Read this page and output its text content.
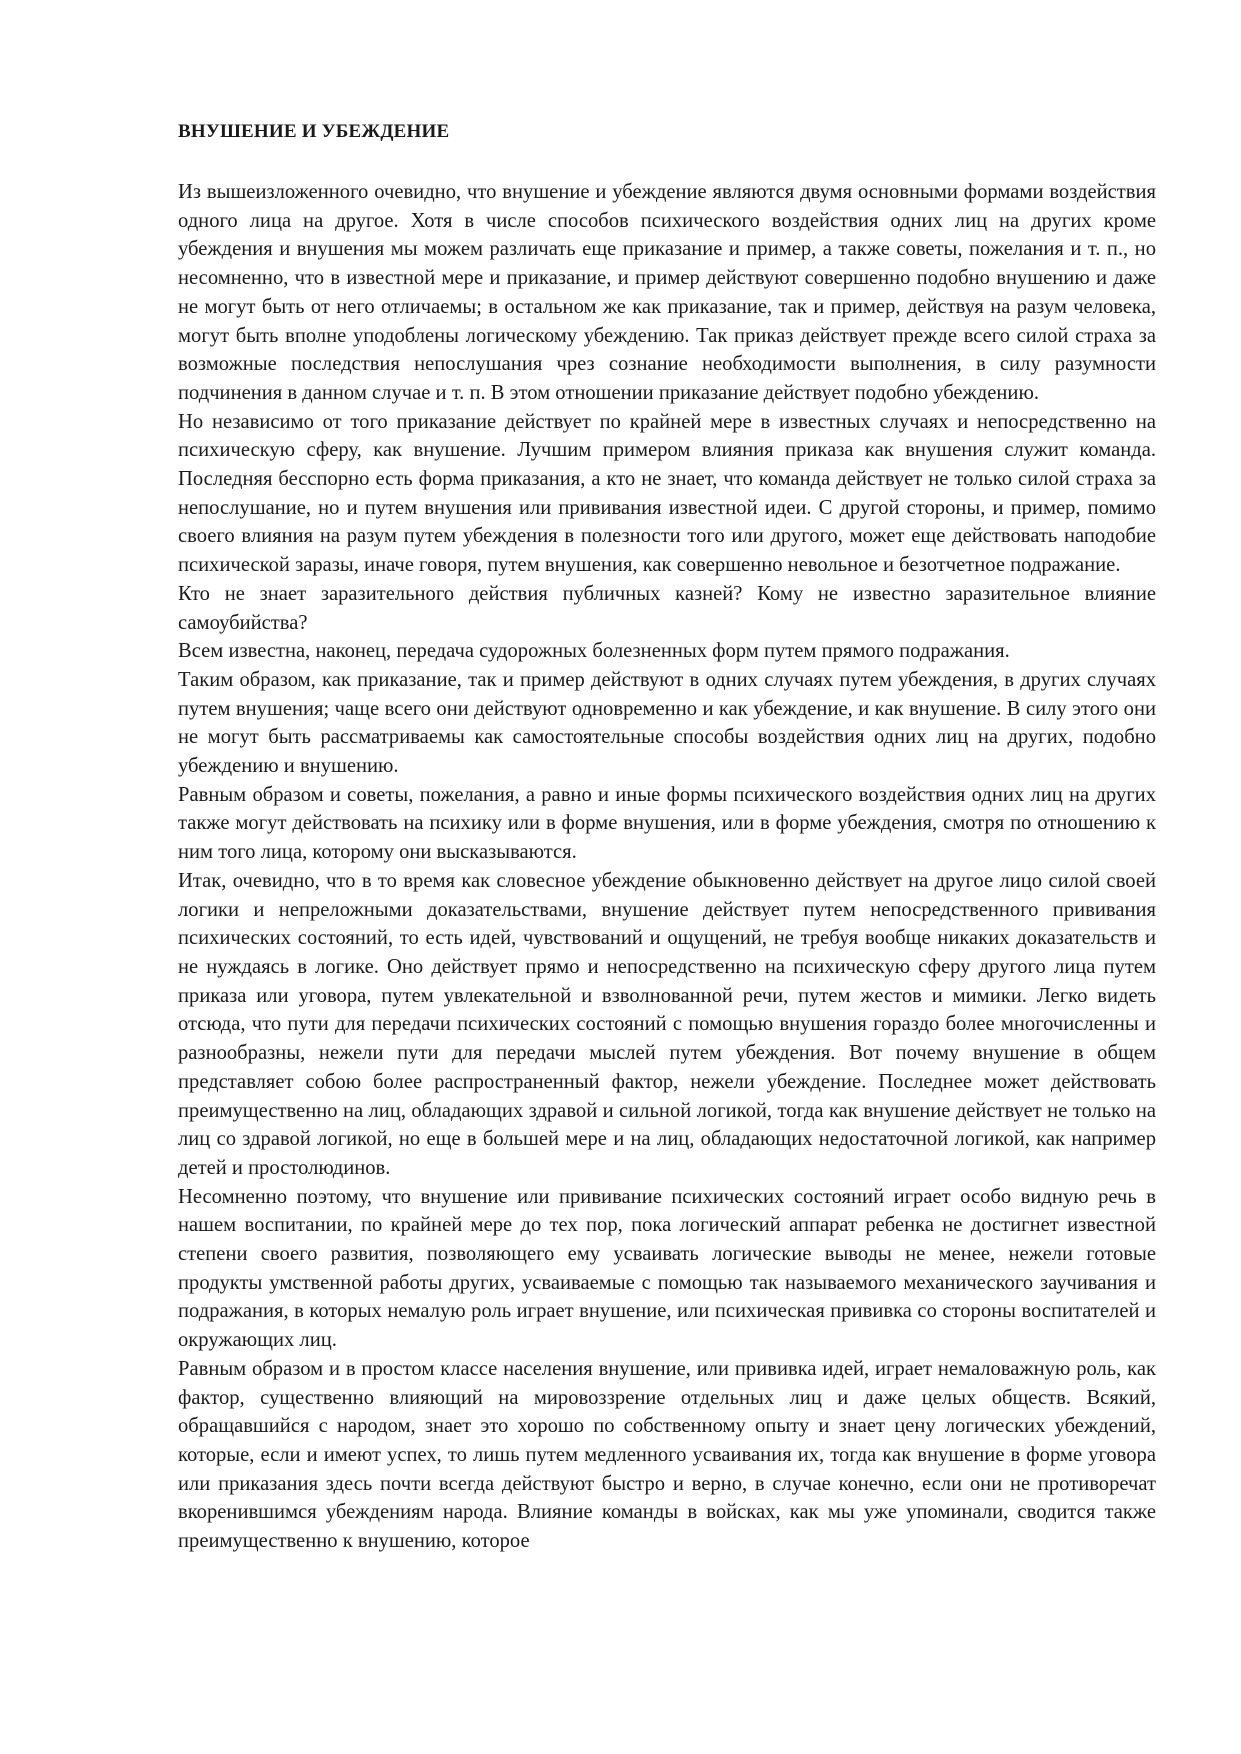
ВНУШЕНИЕ И УБЕЖДЕНИЕ

Из вышеизложенного очевидно, что внушение и убеждение являются двумя основными формами воздействия одного лица на другое. Хотя в числе способов психического воздействия одних лиц на других кроме убеждения и внушения мы можем различать еще приказание и пример, а также советы, пожелания и т. п., но несомненно, что в известной мере и приказание, и пример действуют совершенно подобно внушению и даже не могут быть от него отличаемы; в остальном же как приказание, так и пример, действуя на разум человека, могут быть вполне уподоблены логическому убеждению. Так приказ действует прежде всего силой страха за возможные последствия непослушания чрез сознание необходимости выполнения, в силу разумности подчинения в данном случае и т. п. В этом отношении приказание действует подобно убеждению.

Но независимо от того приказание действует по крайней мере в известных случаях и непосредственно на психическую сферу, как внушение. Лучшим примером влияния приказа как внушения служит команда. Последняя бесспорно есть форма приказания, а кто не знает, что команда действует не только силой страха за непослушание, но и путем внушения или прививания известной идеи. С другой стороны, и пример, помимо своего влияния на разум путем убеждения в полезности того или другого, может еще действовать наподобие психической заразы, иначе говоря, путем внушения, как совершенно невольное и безотчетное подражание.

Кто не знает заразительного действия публичных казней? Кому не известно заразительное влияние самоубийства?

Всем известна, наконец, передача судорожных болезненных форм путем прямого подражания.

Таким образом, как приказание, так и пример действуют в одних случаях путем убеждения, в других случаях путем внушения; чаще всего они действуют одновременно и как убеждение, и как внушение. В силу этого они не могут быть рассматриваемы как самостоятельные способы воздействия одних лиц на других, подобно убеждению и внушению.

Равным образом и советы, пожелания, а равно и иные формы психического воздействия одних лиц на других также могут действовать на психику или в форме внушения, или в форме убеждения, смотря по отношению к ним того лица, которому они высказываются.

Итак, очевидно, что в то время как словесное убеждение обыкновенно действует на другое лицо силой своей логики и непреложными доказательствами, внушение действует путем непосредственного прививания психических состояний, то есть идей, чувствований и ощущений, не требуя вообще никаких доказательств и не нуждаясь в логике. Оно действует прямо и непосредственно на психическую сферу другого лица путем приказа или уговора, путем увлекательной и взволнованной речи, путем жестов и мимики. Легко видеть отсюда, что пути для передачи психических состояний с помощью внушения гораздо более многочисленны и разнообразны, нежели пути для передачи мыслей путем убеждения. Вот почему внушение в общем представляет собою более распространенный фактор, нежели убеждение. Последнее может действовать преимущественно на лиц, обладающих здравой и сильной логикой, тогда как внушение действует не только на лиц со здравой логикой, но еще в большей мере и на лиц, обладающих недостаточной логикой, как например детей и простолюдинов.

Несомненно поэтому, что внушение или прививание психических состояний играет особо видную речь в нашем воспитании, по крайней мере до тех пор, пока логический аппарат ребенка не достигнет известной степени своего развития, позволяющего ему усваивать логические выводы не менее, нежели готовые продукты умственной работы других, усваиваемые с помощью так называемого механического заучивания и подражания, в которых немалую роль играет внушение, или психическая прививка со стороны воспитателей и окружающих лиц.

Равным образом и в простом классе населения внушение, или прививка идей, играет немаловажную роль, как фактор, существенно влияющий на мировоззрение отдельных лиц и даже целых обществ. Всякий, обращавшийся с народом, знает это хорошо по собственному опыту и знает цену логических убеждений, которые, если и имеют успех, то лишь путем медленного усваивания их, тогда как внушение в форме уговора или приказания здесь почти всегда действуют быстро и верно, в случае конечно, если они не противоречат вкоренившимся убеждениям народа. Влияние команды в войсках, как мы уже упоминали, сводится также преимущественно к внушению, которое
